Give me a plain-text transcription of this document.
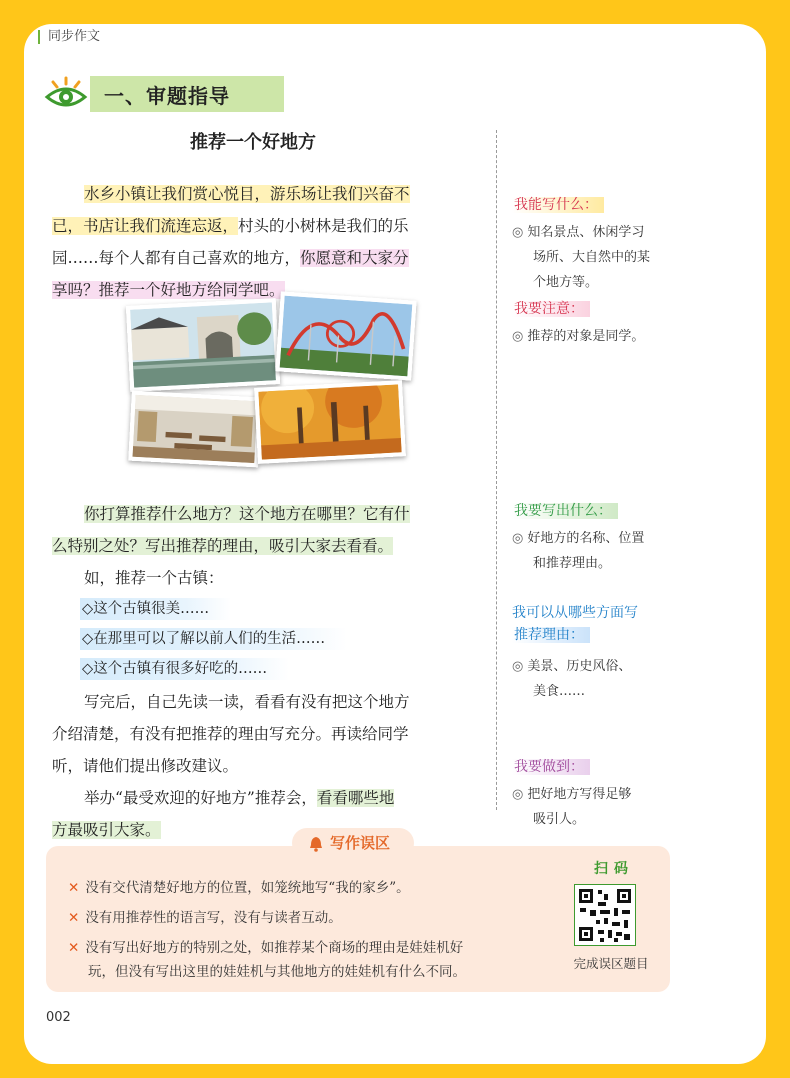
同步作文
一、审题指导
推荐一个好地方
水乡小镇让我们赏心悦目，游乐场让我们兴奋不
已，书店让我们流连忘返，村头的小树林是我们的乐
园……每个人都有自己喜欢的地方，你愿意和大家分
享吗？推荐一个好地方给同学吧。
你打算推荐什么地方？这个地方在哪里？它有什
么特别之处？写出推荐的理由，吸引大家去看看。
如，推荐一个古镇：
◇这个古镇很美……
◇在那里可以了解以前人们的生活……
◇这个古镇有很多好吃的……
写完后，自己先读一读，看看有没有把这个地方
介绍清楚，有没有把推荐的理由写充分。再读给同学
听，请他们提出修改建议。
举办“最受欢迎的好地方”推荐会，看看哪些地
方最吸引大家。
我能写什么：
◎ 知名景点、休闲学习
场所、大自然中的某
个地方等。
我要注意：
◎ 推荐的对象是同学。
我要写出什么：
◎ 好地方的名称、位置
和推荐理由。
我可以从哪些方面写
推荐理由：
◎ 美景、历史风俗、
美食……
我要做到：
◎ 把好地方写得足够
吸引人。
写作误区
✕ 没有交代清楚好地方的位置，如笼统地写“我的家乡”。
✕ 没有用推荐性的语言写，没有与读者互动。
✕ 没有写出好地方的特别之处，如推荐某个商场的理由是娃娃机好
玩，但没有写出这里的娃娃机与其他地方的娃娃机有什么不同。
扫码
完成误区题目
002
